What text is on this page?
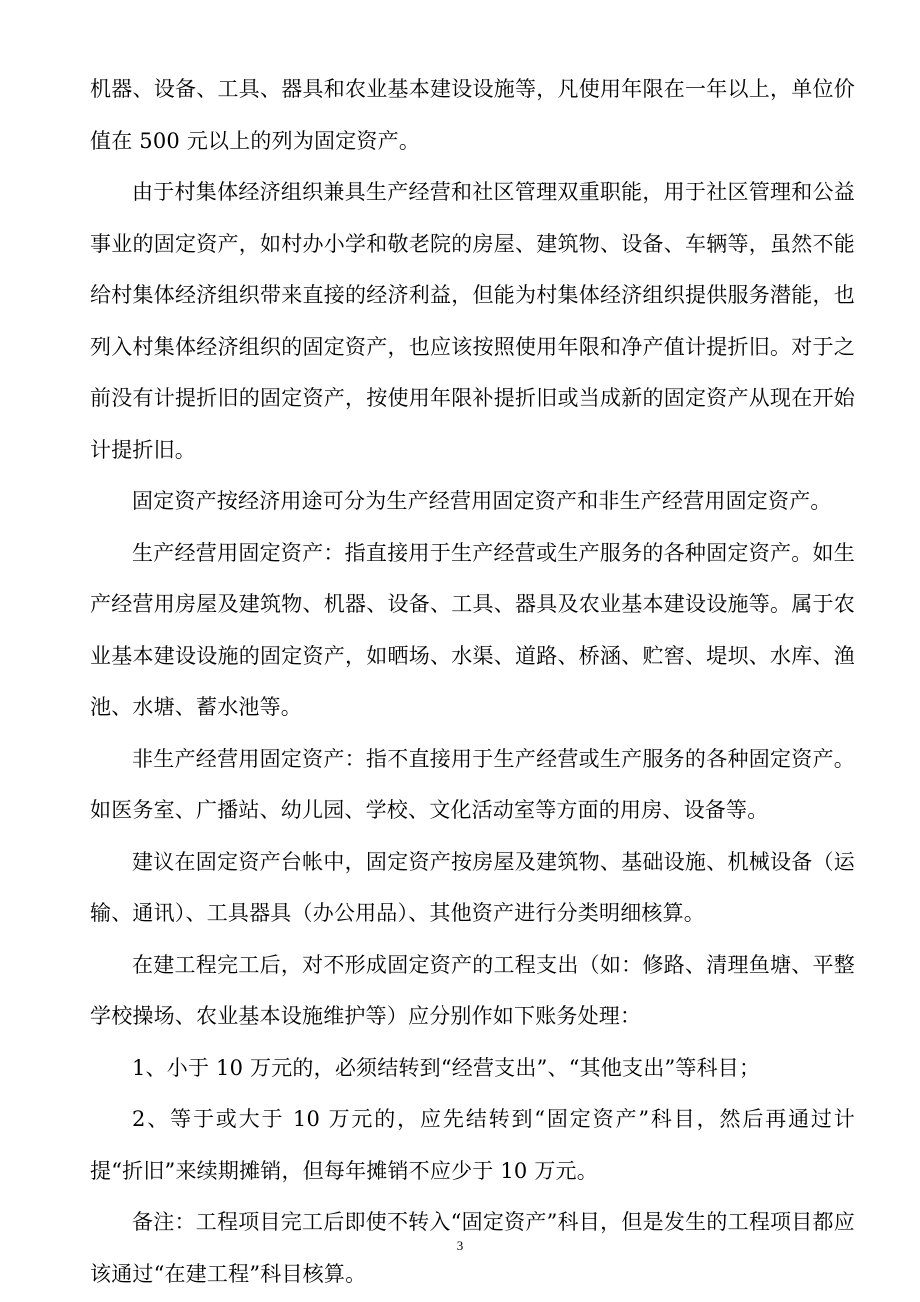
机器、设备、工具、器具和农业基本建设设施等，凡使用年限在一年以上，单位价值在 500 元以上的列为固定资产。

由于村集体经济组织兼具生产经营和社区管理双重职能，用于社区管理和公益事业的固定资产，如村办小学和敬老院的房屋、建筑物、设备、车辆等，虽然不能给村集体经济组织带来直接的经济利益，但能为村集体经济组织提供服务潜能，也列入村集体经济组织的固定资产，也应该按照使用年限和净产值计提折旧。对于之前没有计提折旧的固定资产，按使用年限补提折旧或当成新的固定资产从现在开始计提折旧。

固定资产按经济用途可分为生产经营用固定资产和非生产经营用固定资产。

生产经营用固定资产：指直接用于生产经营或生产服务的各种固定资产。如生产经营用房屋及建筑物、机器、设备、工具、器具及农业基本建设设施等。属于农业基本建设设施的固定资产，如晒场、水渠、道路、桥涵、贮窖、堤坝、水库、渔池、水塘、蓄水池等。

非生产经营用固定资产：指不直接用于生产经营或生产服务的各种固定资产。如医务室、广播站、幼儿园、学校、文化活动室等方面的用房、设备等。

建议在固定资产台帐中，固定资产按房屋及建筑物、基础设施、机械设备（运输、通讯）、工具器具（办公用品）、其他资产进行分类明细核算。

在建工程完工后，对不形成固定资产的工程支出（如：修路、清理鱼塘、平整学校操场、农业基本设施维护等）应分别作如下账务处理：

1、小于 10 万元的，必须结转到“经营支出”、“其他支出”等科目；

2、等于或大于 10 万元的，应先结转到“固定资产”科目，然后再通过计提“折旧”来续期摊销，但每年摊销不应少于 10 万元。

备注：工程项目完工后即使不转入“固定资产”科目，但是发生的工程项目都应该通过“在建工程”科目核算。

3
